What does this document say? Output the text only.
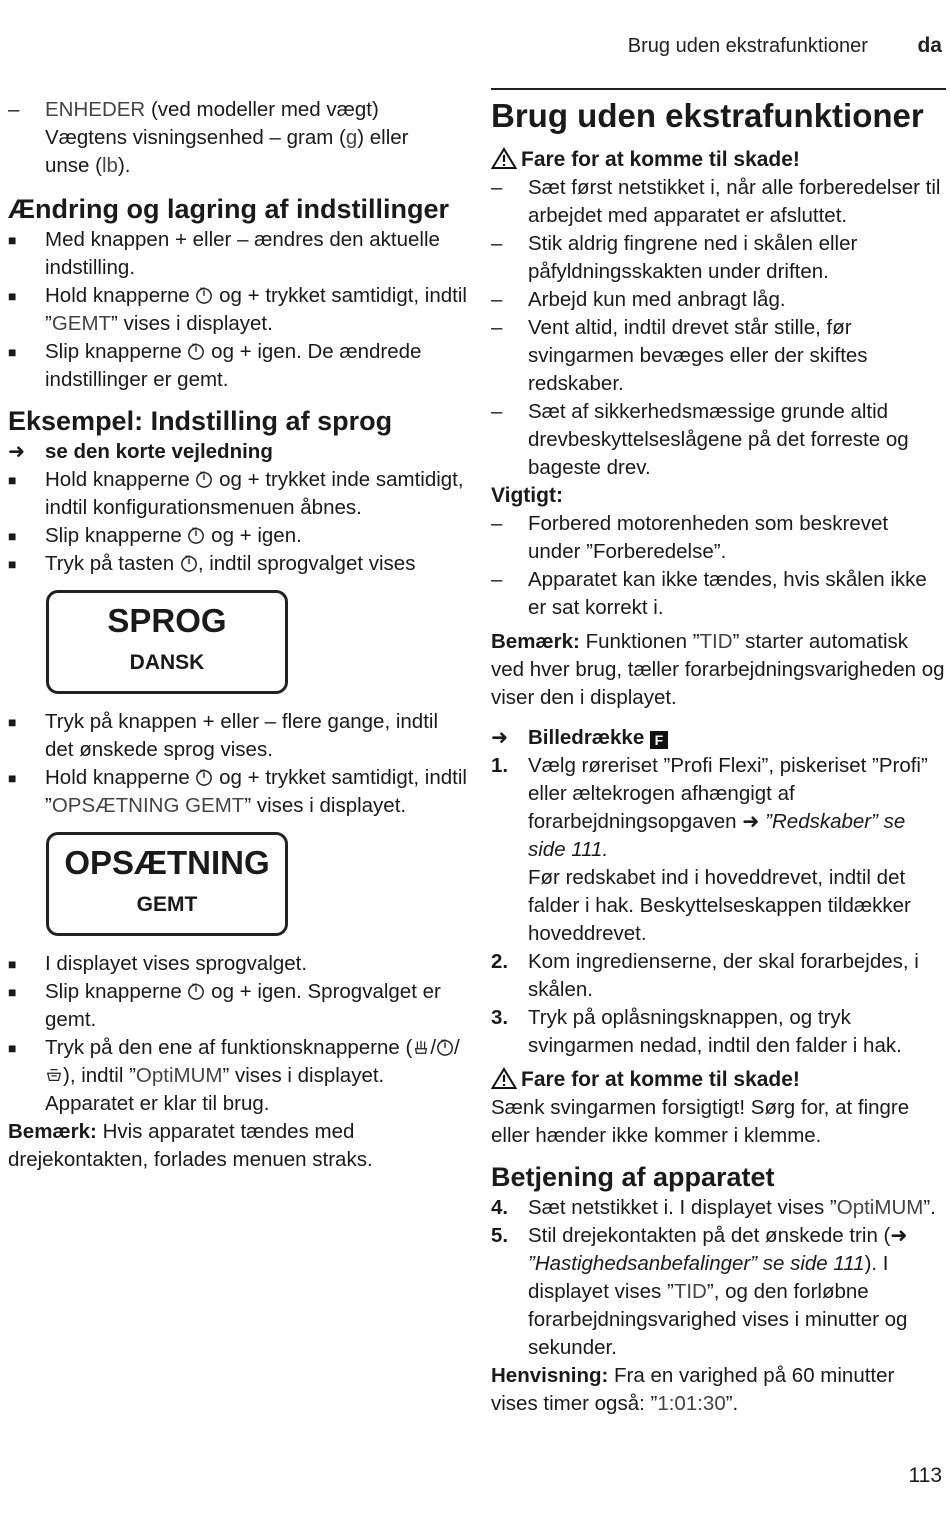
Brug uden ekstrafunktioner da
–	ENHEDER (ved modeller med vægt)
Vægtens visningsenhed – gram (g) eller
unse (lb).
Ændring og lagring af indstillinger
■	Med knappen + eller – ændres den aktuelle indstilling.
■	Hold knapperne  og + trykket samtidigt, indtil ”GEMT” vises i displayet.
■	Slip knapperne  og + igen. De ændrede indstillinger er gemt.
Eksempel: Indstilling af sprog
➜ se den korte vejledning
■	Hold knapperne  og + trykket inde samtidigt, indtil konfigurationsmenuen åbnes.
■	Slip knapperne  og + igen.
■	Tryk på tasten , indtil sprogvalget vises
SPROG
DANSK
■	Tryk på knappen + eller – flere gange, indtil det ønskede sprog vises.
■	Hold knapperne  og + trykket samtidigt, indtil ”OPSÆTNING GEMT” vises i displayet.
OPSÆTNING
GEMT
■	I displayet vises sprogvalget.
■	Slip knapperne  og + igen. Sprogvalget er gemt.
■	Tryk på den ene af funktionsknapperne ( / /), indtil ”OptiMUM” vises i displayet. Apparatet er klar til brug.

Bemærk: Hvis apparatet tændes med drejekontakten, forlades menuen straks.

Brug uden ekstrafunktioner
Fare for at komme til skade!
–	Sæt først netstikket i, når alle forberedelser til arbejdet med apparatet er afsluttet.
–	Stik aldrig fingrene ned i skålen eller påfyldningsskakten under driften.
–	Arbejd kun med anbragt låg.
–	Vent altid, indtil drevet står stille, før svingarmen bevæges eller der skiftes redskaber.
–	Sæt af sikkerhedsmæssige grunde altid drevbeskyttelseslågene på det forreste og bageste drev.
Vigtigt:
–	Forbered motorenheden som beskrevet under ”Forberedelse”.
–	Apparatet kan ikke tændes, hvis skålen ikke er sat korrekt i.

Bemærk: Funktionen ”TID” starter automatisk ved hver brug, tæller forarbejdningsvarigheden og viser den i displayet.

➜ Billedrække F
1. Vælg røreriset ”Profi Flexi”, piskeriset ”Profi” eller æltekrogen afhængigt af forarbejdningsopgaven ➜ ”Redskaber” se side 111.
Før redskabet ind i hoveddrevet, indtil det falder i hak. Beskyttelseskappen tildækker hoveddrevet.
2. Kom ingredienserne, der skal forarbejdes, i skålen.
3. Tryk på oplåsningsknappen, og tryk svingarmen nedad, indtil den falder i hak.
Fare for at komme til skade!

Sænk svingarmen forsigtigt! Sørg for, at fingre eller hænder ikke kommer i klemme.

Betjening af apparatet
4. Sæt netstikket i. I displayet vises ”OptiMUM”.
5. Stil drejekontakten på det ønskede trin (➜ ”Hastighedsanbefalinger” se side 111). I displayet vises ”TID”, og den forløbne forarbejdningsvarighed vises i minutter og sekunder.

Henvisning: Fra en varighed på 60 minutter vises timer også: ”1:01:30”.

113
